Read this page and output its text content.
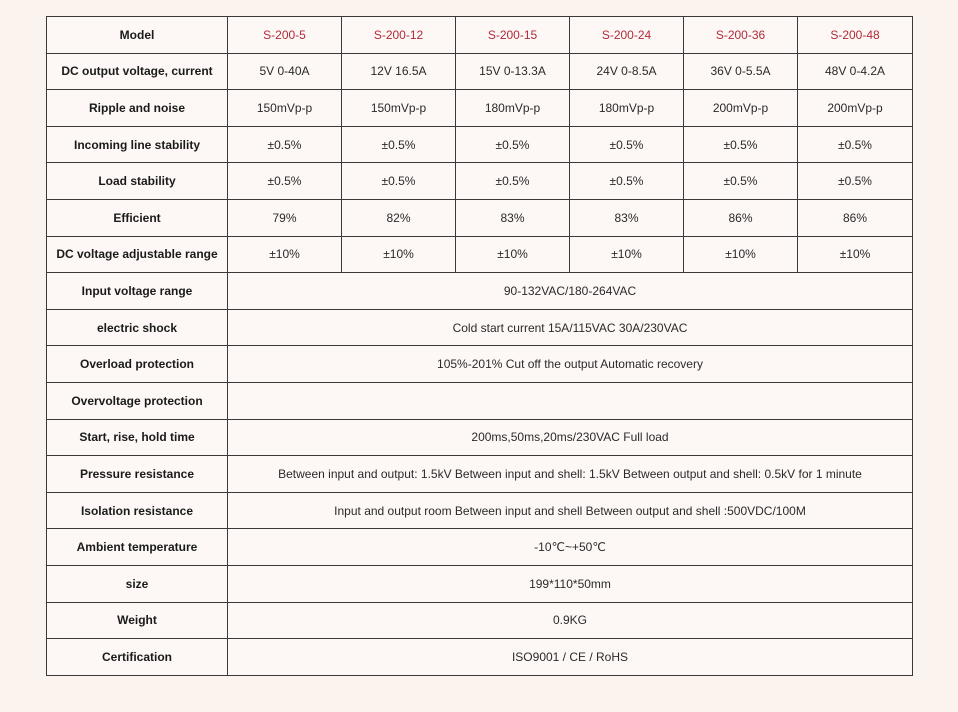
Model	S-200-5	S-200-12	S-200-15	S-200-24	S-200-36	S-200-48
DC output voltage, current	5V 0-40A	12V 16.5A	15V 0-13.3A	24V 0-8.5A	36V 0-5.5A	48V 0-4.2A
Ripple and noise	150mVp-p	150mVp-p	180mVp-p	180mVp-p	200mVp-p	200mVp-p
Incoming line stability	±0.5%	±0.5%	±0.5%	±0.5%	±0.5%	±0.5%
Load stability	±0.5%	±0.5%	±0.5%	±0.5%	±0.5%	±0.5%
Efficient	79%	82%	83%	83%	86%	86%
DC voltage adjustable range	±10%	±10%	±10%	±10%	±10%	±10%
Input voltage range	90-132VAC/180-264VAC					
electric shock	Cold start current 15A/115VAC 30A/230VAC					
Overload protection	105%-201% Cut off the output Automatic recovery					
Overvoltage protection						
Start, rise, hold time	200ms,50ms,20ms/230VAC Full load					
Pressure resistance	Between input and output: 1.5kV Between input and shell: 1.5kV Between output and shell: 0.5kV for 1 minute					
Isolation resistance	Input and output room Between input and shell Between output and shell :500VDC/100M					
Ambient temperature	-10℃~+50℃					
size	199*110*50mm					
Weight	0.9KG					
Certification	ISO9001 / CE / RoHS					
